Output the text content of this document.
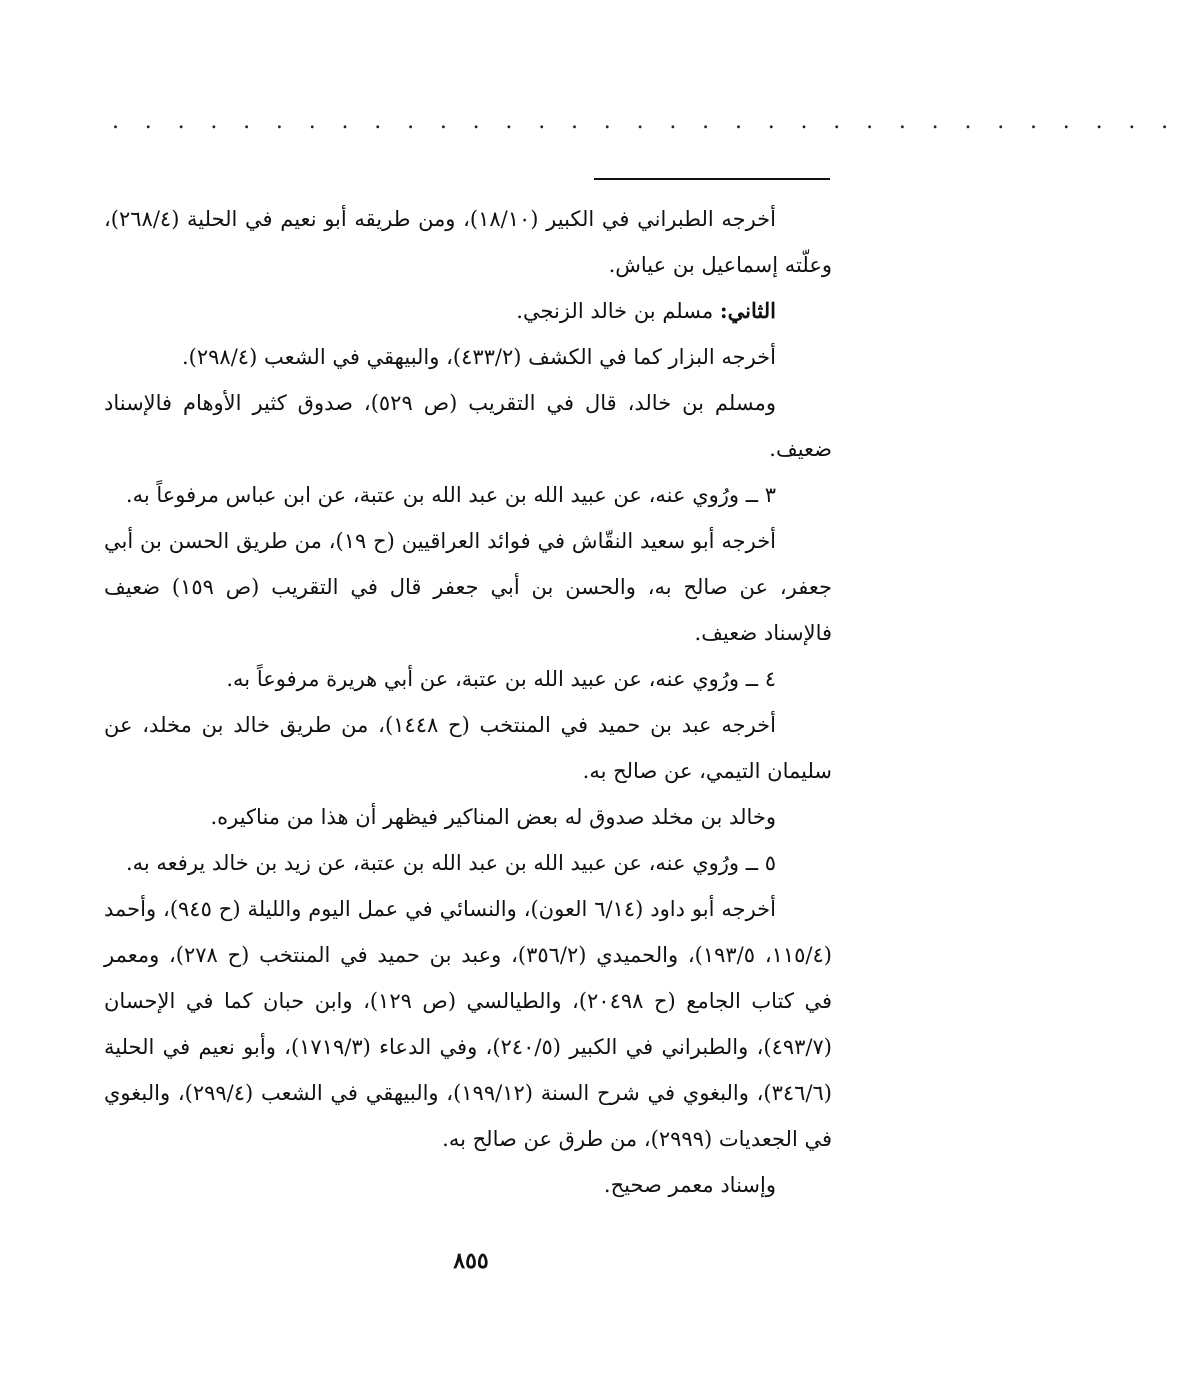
. . . . . . . . . . . . . . . . . . . . . . . . . . . . . . . . .

أخرجه الطبراني في الكبير (١٨/١٠)، ومن طريقه أبو نعيم في الحلية (٢٦٨/٤)، وعلّته إسماعيل بن عياش.

الثاني: مسلم بن خالد الزنجي.

أخرجه البزار كما في الكشف (٤٣٣/٢)، والبيهقي في الشعب (٢٩٨/٤).

ومسلم بن خالد، قال في التقريب (ص ٥٢٩)، صدوق كثير الأوهام فالإسناد ضعيف.

٣ ــ ورُوي عنه، عن عبيد الله بن عبد الله بن عتبة، عن ابن عباس مرفوعاً به.

أخرجه أبو سعيد النقّاش في فوائد العراقيين (ح ١٩)، من طريق الحسن بن أبي جعفر، عن صالح به، والحسن بن أبي جعفر قال في التقريب (ص ١٥٩) ضعيف فالإسناد ضعيف.

٤ ــ ورُوي عنه، عن عبيد الله بن عتبة، عن أبي هريرة مرفوعاً به.

أخرجه عبد بن حميد في المنتخب (ح ١٤٤٨)، من طريق خالد بن مخلد، عن سليمان التيمي، عن صالح به.

وخالد بن مخلد صدوق له بعض المناكير فيظهر أن هذا من مناكيره.

٥ ــ ورُوي عنه، عن عبيد الله بن عبد الله بن عتبة، عن زيد بن خالد يرفعه به.

أخرجه أبو داود (٦/١٤ العون)، والنسائي في عمل اليوم والليلة (ح ٩٤٥)، وأحمد (١١٥/٤، ١٩٣/٥)، والحميدي (٣٥٦/٢)، وعبد بن حميد في المنتخب (ح ٢٧٨)، ومعمر في كتاب الجامع (ح ٢٠٤٩٨)، والطيالسي (ص ١٢٩)، وابن حبان كما في الإحسان (٤٩٣/٧)، والطبراني في الكبير (٢٤٠/٥)، وفي الدعاء (١٧١٩/٣)، وأبو نعيم في الحلية (٣٤٦/٦)، والبغوي في شرح السنة (١٩٩/١٢)، والبيهقي في الشعب (٢٩٩/٤)، والبغوي في الجعديات (٢٩٩٩)، من طرق عن صالح به.

وإسناد معمر صحيح.

٨٥٥
